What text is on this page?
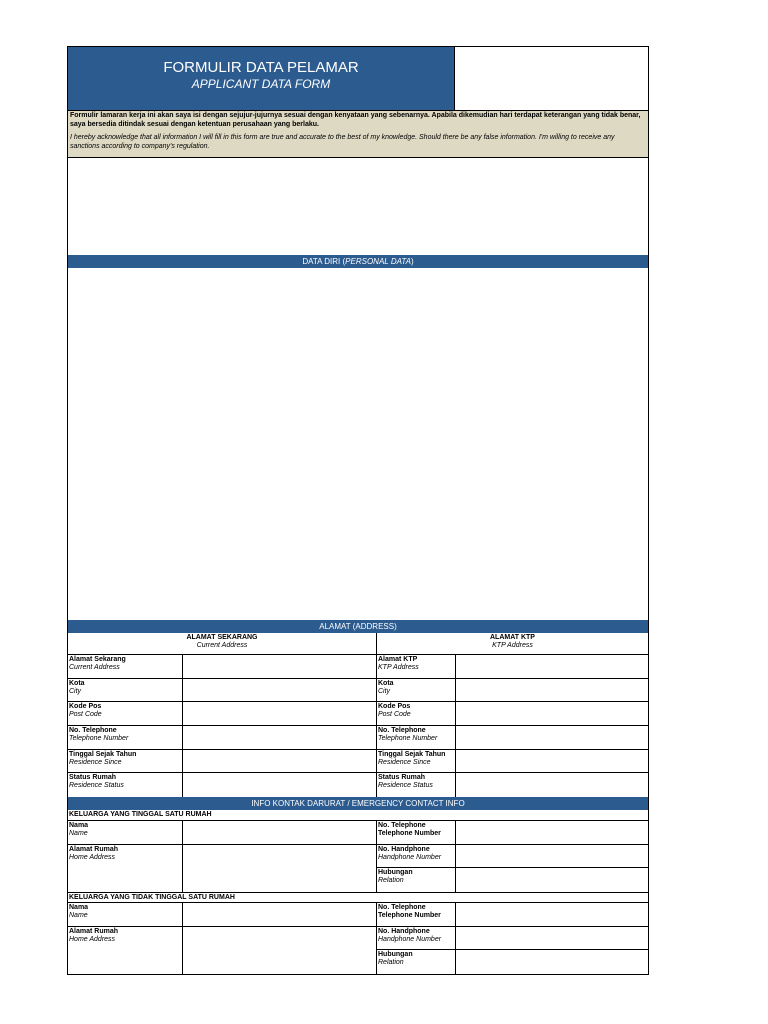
FORMULIR DATA PELAMAR
APPLICANT DATA FORM
Formulir lamaran kerja ini akan saya isi dengan sejujur-jujurnya sesuai dengan kenyataan yang sebenarnya. Apabila dikemudian hari terdapat keterangan yang tidak benar, saya bersedia ditindak sesuai dengan ketentuan perusahaan yang berlaku.
I hereby acknowledge that all information I will fill in this form are true and accurate to the best of my knowledge. Should there be any false information. I'm willing to receive any sanctions according to company's regulation.
DATA DIRI (PERSONAL DATA)
ALAMAT (ADDRESS)
ALAMAT SEKARANG
Current Address
ALAMAT KTP
KTP Address
Alamat Sekarang
Current Address
Alamat KTP
KTP Address
Kota
City
Kota
City
Kode Pos
Post Code
Kode Pos
Post Code
No. Telephone
Telephone Number
No. Telephone
Telephone Number
Tinggal Sejak Tahun
Residence Since
Tinggal Sejak Tahun
Residence Since
Status Rumah
Residence Status
Status Rumah
Residence Status
INFO KONTAK DARURAT / EMERGENCY CONTACT INFO
KELUARGA YANG TINGGAL SATU RUMAH
Nama
Name
Alamat Rumah
Home Address
No. Telephone
Telephone Number
No. Handphone
Handphone Number
Hubungan
Relation
KELUARGA YANG TIDAK TINGGAL SATU RUMAH
Nama
Name
Alamat Rumah
Home Address
No. Telephone
Telephone Number
No. Handphone
Handphone Number
Hubungan
Relation
